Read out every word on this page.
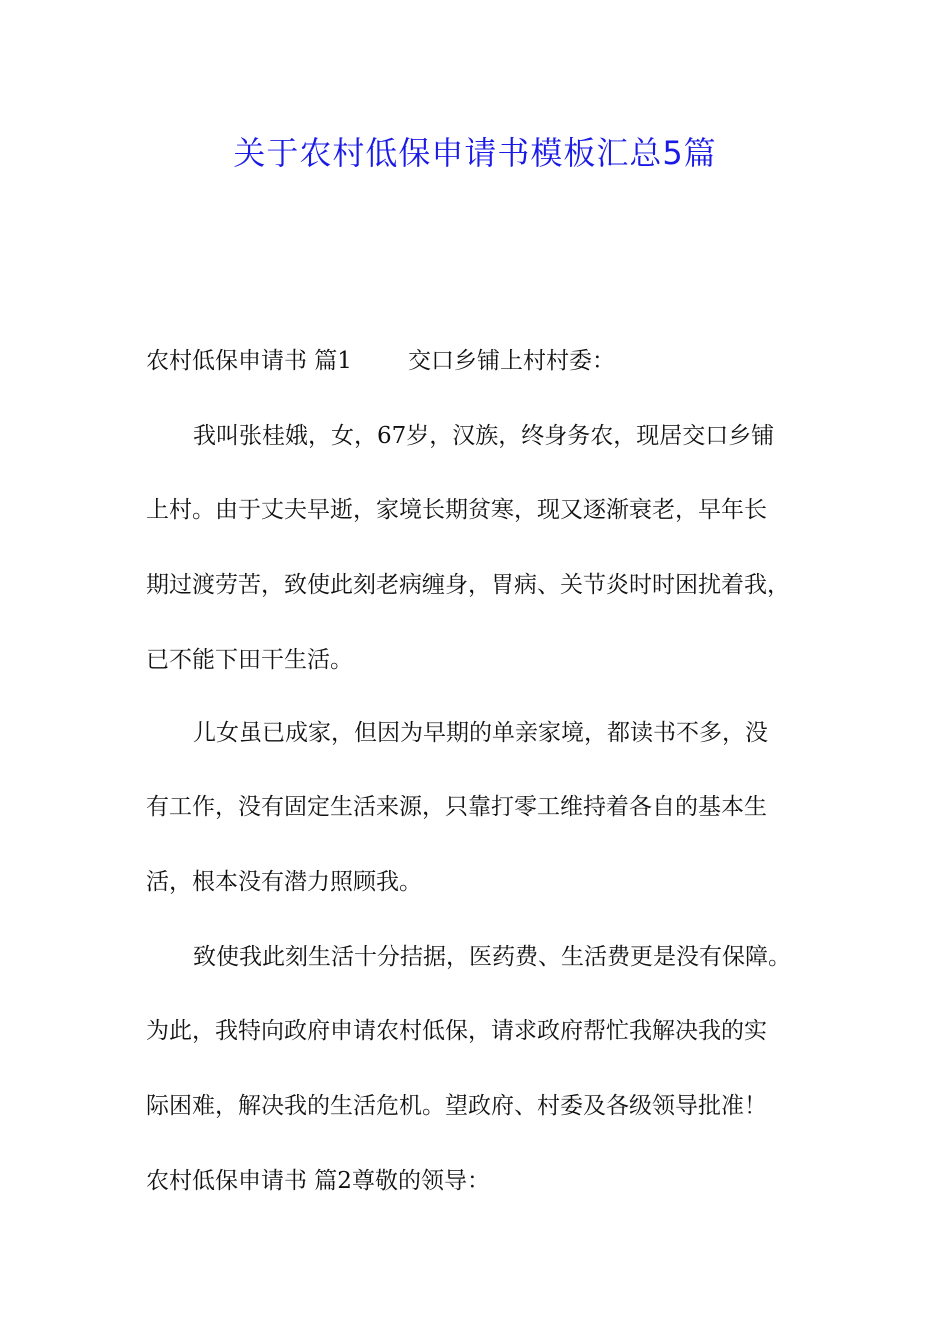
关于农村低保申请书模板汇总5篇
农村低保申请书 篇1 交口乡铺上村村委：
我叫张桂娥，女，67岁，汉族，终身务农，现居交口乡铺
上村。由于丈夫早逝，家境长期贫寒，现又逐渐衰老，早年长
期过渡劳苦，致使此刻老病缠身，胃病、关节炎时时困扰着我，
已不能下田干生活。
儿女虽已成家，但因为早期的单亲家境，都读书不多，没
有工作，没有固定生活来源，只靠打零工维持着各自的基本生
活，根本没有潜力照顾我。
致使我此刻生活十分拮据，医药费、生活费更是没有保障。
为此，我特向政府申请农村低保，请求政府帮忙我解决我的实
际困难，解决我的生活危机。望政府、村委及各级领导批准！
农村低保申请书 篇2尊敬的领导：
